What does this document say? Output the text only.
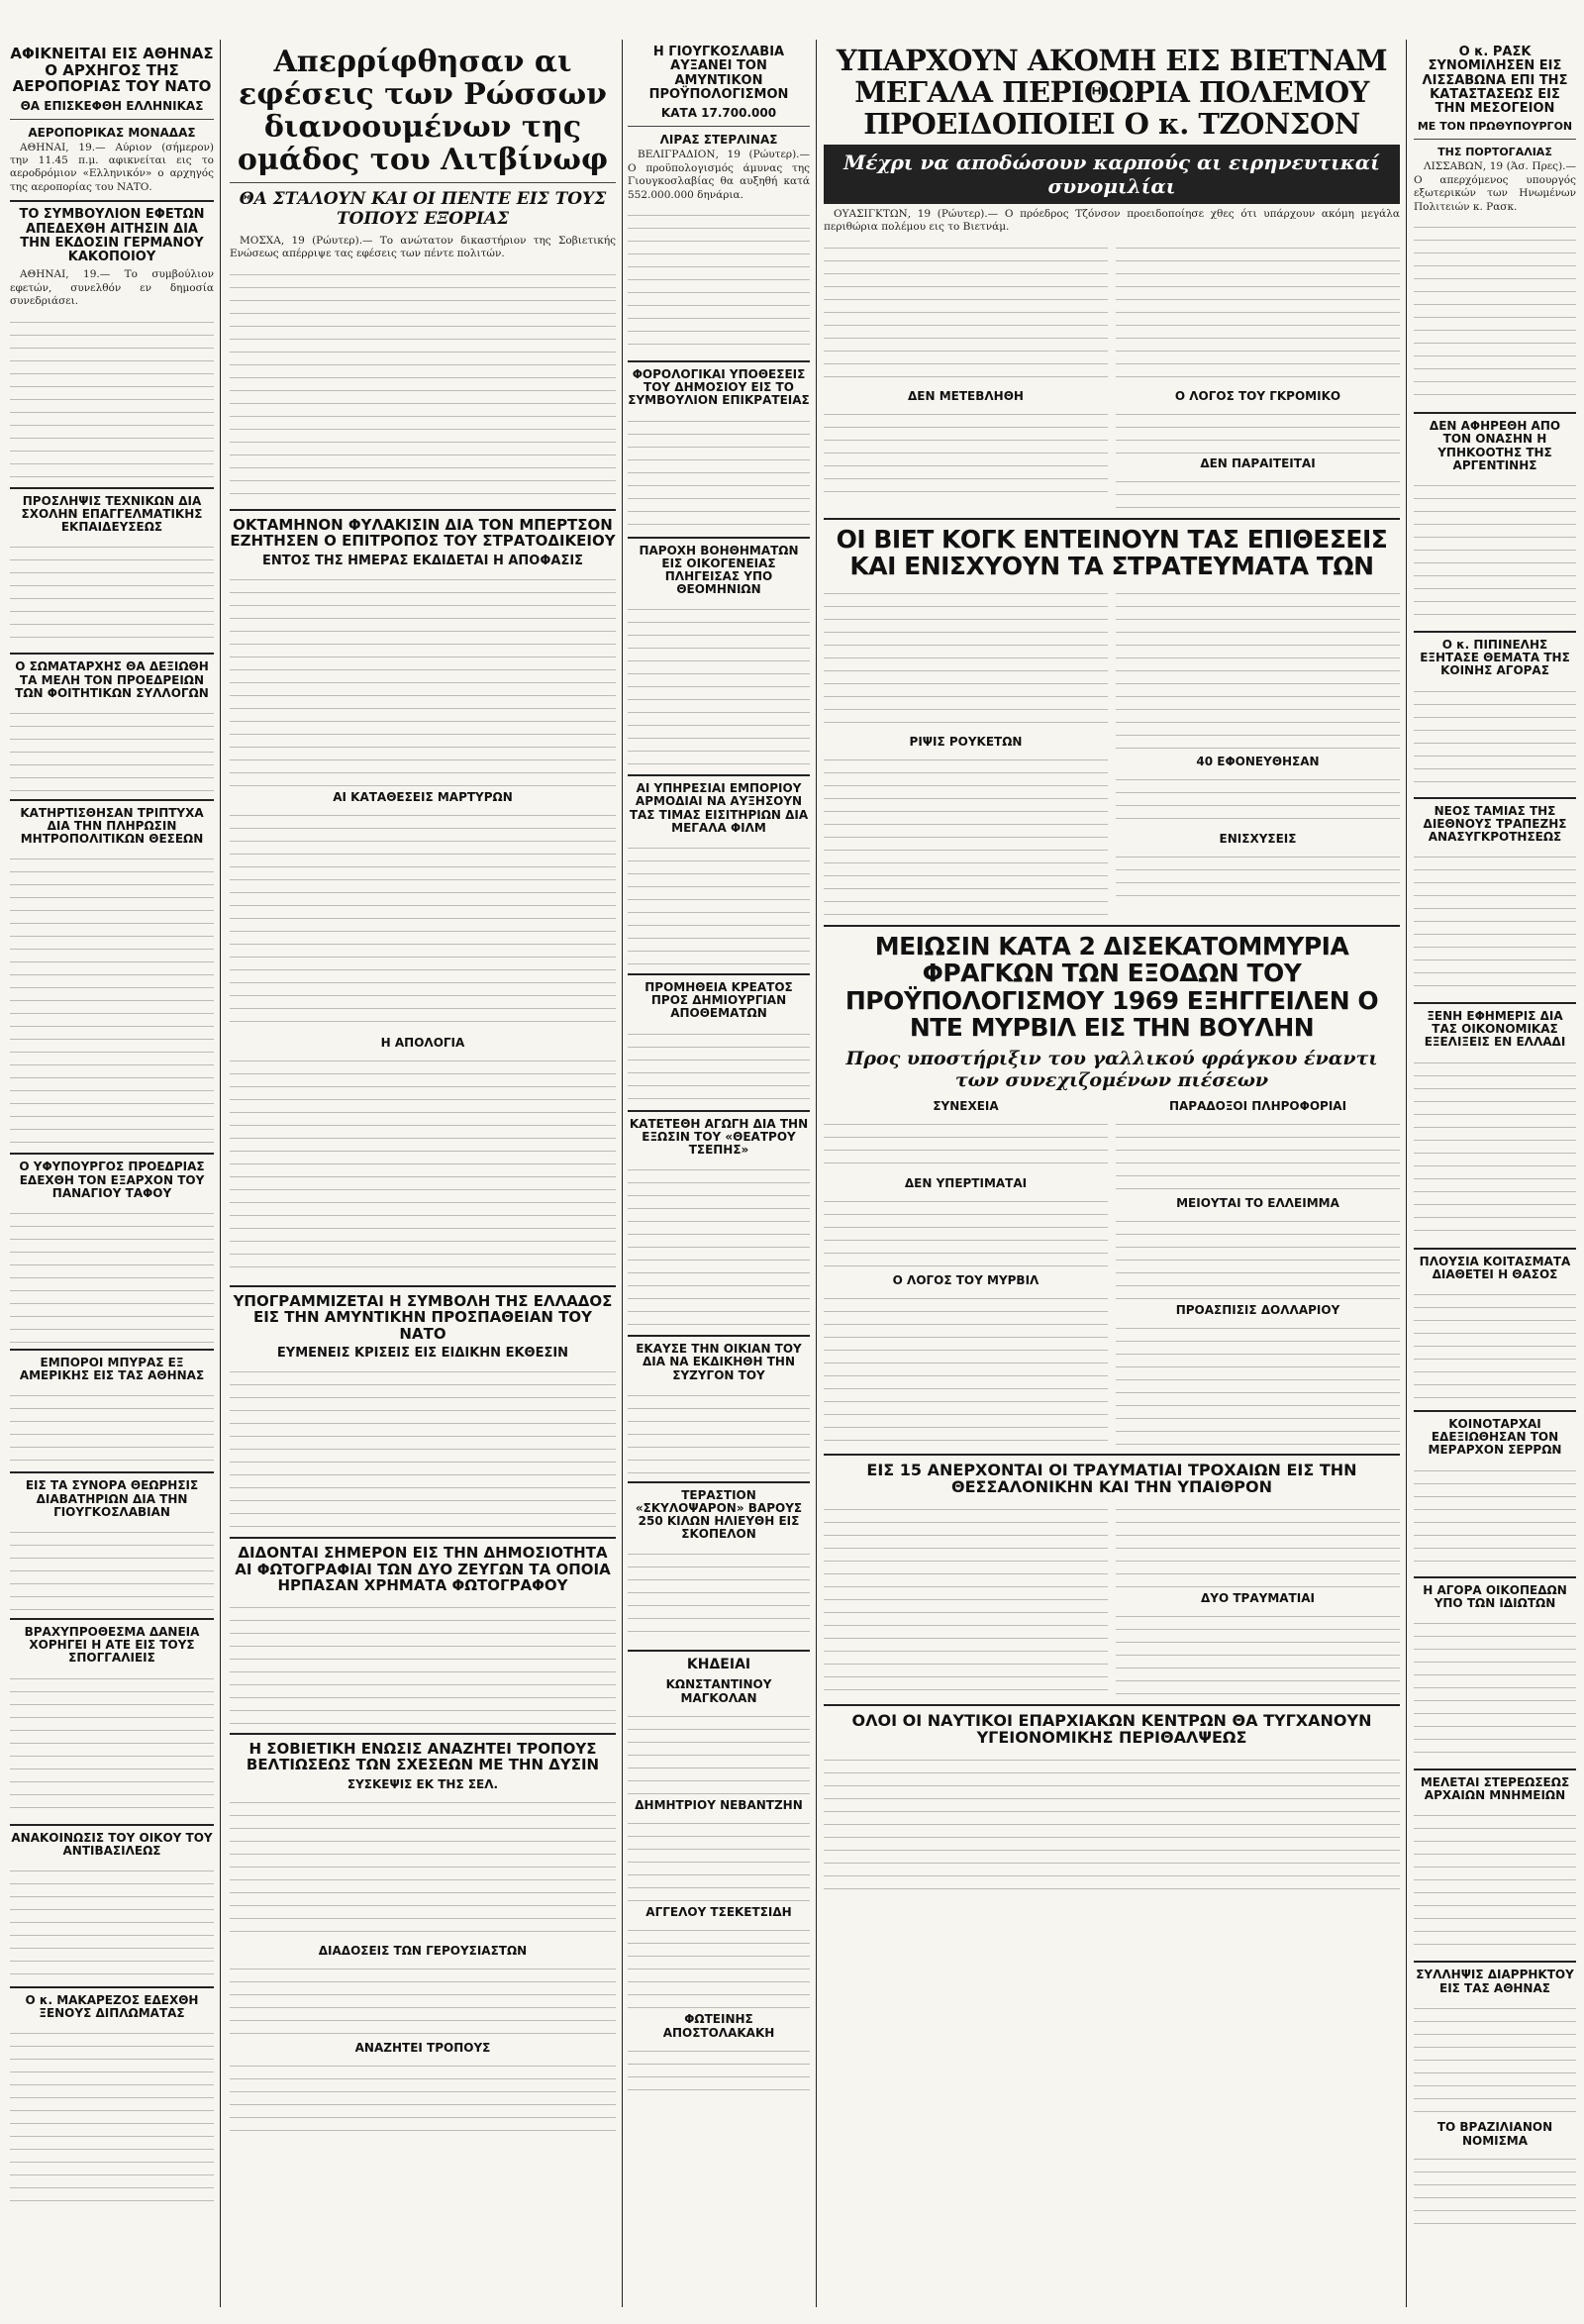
ΑΦΙΚΝΕΙΤΑΙ ΕΙΣ ΑΘΗΝΑΣ Ο ΑΡΧΗΓΟΣ ΤΗΣ ΑΕΡΟΠΟΡΙΑΣ ΤΟΥ ΝΑΤΟ
ΘΑ ΕΠΙΣΚΕΦΘΗ ΕΛΛΗΝΙΚΑΣ
ΑΕΡΟΠΟΡΙΚΑΣ ΜΟΝΑΔΑΣ

ΑΘΗΝΑΙ, 19.— Αύριον (σήμερον) την 11.45 π.μ. αφικνείται εις το αεροδρόμιον «Ελληνικόν» ο αρχηγός της αεροπορίας του ΝΑΤΟ.

ΤΟ ΣΥΜΒΟΥΛΙΟΝ ΕΦΕΤΩΝ ΑΠΕΔΕΧΘΗ ΑΙΤΗΣΙΝ ΔΙΑ ΤΗΝ ΕΚΔΟΣΙΝ ΓΕΡΜΑΝΟΥ ΚΑΚΟΠΟΙΟΥ

ΑΘΗΝΑΙ, 19.— Το συμβούλιον εφετών, συνελθόν εν δημοσία συνεδριάσει.

ΠΡΟΣΛΗΨΙΣ ΤΕΧΝΙΚΩΝ ΔΙΑ ΣΧΟΛΗΝ ΕΠΑΓΓΕΛΜΑΤΙΚΗΣ ΕΚΠΑΙΔΕΥΣΕΩΣ
Ο ΣΩΜΑΤΑΡΧΗΣ ΘΑ ΔΕΞΙΩΘΗ ΤΑ ΜΕΛΗ ΤΟΝ ΠΡΟΕΔΡΕΙΩΝ ΤΩΝ ΦΟΙΤΗΤΙΚΩΝ ΣΥΛΛΟΓΩΝ
ΚΑΤΗΡΤΙΣΘΗΣΑΝ ΤΡΙΠΤΥΧΑ ΔΙΑ ΤΗΝ ΠΛΗΡΩΣΙΝ ΜΗΤΡΟΠΟΛΙΤΙΚΩΝ ΘΕΣΕΩΝ
Ο ΥΦΥΠΟΥΡΓΟΣ ΠΡΟΕΔΡΙΑΣ ΕΔΕΧΘΗ ΤΟΝ ΕΞΑΡΧΟΝ ΤΟΥ ΠΑΝΑΓΙΟΥ ΤΑΦΟΥ
ΕΜΠΟΡΟΙ ΜΠΥΡΑΣ ΕΞ ΑΜΕΡΙΚΗΣ ΕΙΣ ΤΑΣ ΑΘΗΝΑΣ
ΕΙΣ ΤΑ ΣΥΝΟΡΑ ΘΕΩΡΗΣΙΣ ΔΙΑΒΑΤΗΡΙΩΝ ΔΙΑ ΤΗΝ ΓΙΟΥΓΚΟΣΛΑΒΙΑΝ
ΒΡΑΧΥΠΡΟΘΕΣΜΑ ΔΑΝΕΙΑ ΧΟΡΗΓΕΙ Η ΑΤΕ ΕΙΣ ΤΟΥΣ ΣΠΟΓΓΑΛΙΕΙΣ
ΑΝΑΚΟΙΝΩΣΙΣ ΤΟΥ ΟΙΚΟΥ ΤΟΥ ΑΝΤΙΒΑΣΙΛΕΩΣ
Ο κ. ΜΑΚΑΡΕΖΟΣ ΕΔΕΧΘΗ ΞΕΝΟΥΣ ΔΙΠΛΩΜΑΤΑΣ
Απερρίφθησαν αι εφέσεις των Ρώσσων διανοουμένων της ομάδος του Λιτβίνωφ
ΘΑ ΣΤΑΛΟΥΝ ΚΑΙ ΟΙ ΠΕΝΤΕ ΕΙΣ ΤΟΥΣ ΤΟΠΟΥΣ ΕΞΟΡΙΑΣ

ΜΟΣΧΑ, 19 (Ρώυτερ).— Το ανώτατον δικαστήριον της Σοβιετικής Ενώσεως απέρριψε τας εφέσεις των πέντε πολιτών.

ΟΚΤΑΜΗΝΟΝ ΦΥΛΑΚΙΣΙΝ ΔΙΑ ΤΟΝ ΜΠΕΡΤΣΟΝ ΕΖΗΤΗΣΕΝ Ο ΕΠΙΤΡΟΠΟΣ ΤΟΥ ΣΤΡΑΤΟΔΙΚΕΙΟΥ
ΕΝΤΟΣ ΤΗΣ ΗΜΕΡΑΣ ΕΚΔΙΔΕΤΑΙ Η ΑΠΟΦΑΣΙΣ
ΑΙ ΚΑΤΑΘΕΣΕΙΣ ΜΑΡΤΥΡΩΝ
Η ΑΠΟΛΟΓΙΑ
ΥΠΟΓΡΑΜΜΙΖΕΤΑΙ Η ΣΥΜΒΟΛΗ ΤΗΣ ΕΛΛΑΔΟΣ ΕΙΣ ΤΗΝ ΑΜΥΝΤΙΚΗΝ ΠΡΟΣΠΑΘΕΙΑΝ ΤΟΥ ΝΑΤΟ
ΕΥΜΕΝΕΙΣ ΚΡΙΣΕΙΣ ΕΙΣ ΕΙΔΙΚΗΝ ΕΚΘΕΣΙΝ
ΔΙΔΟΝΤΑΙ ΣΗΜΕΡΟΝ ΕΙΣ ΤΗΝ ΔΗΜΟΣΙΟΤΗΤΑ ΑΙ ΦΩΤΟΓΡΑΦΙΑΙ ΤΩΝ ΔΥΟ ΖΕΥΓΩΝ ΤΑ ΟΠΟΙΑ ΗΡΠΑΣΑΝ ΧΡΗΜΑΤΑ ΦΩΤΟΓΡΑΦΟΥ
Η ΣΟΒΙΕΤΙΚΗ ΕΝΩΣΙΣ ΑΝΑΖΗΤΕΙ ΤΡΟΠΟΥΣ ΒΕΛΤΙΩΣΕΩΣ ΤΩΝ ΣΧΕΣΕΩΝ ΜΕ ΤΗΝ ΔΥΣΙΝ
ΣΥΣΚΕΨΙΣ ΕΚ ΤΗΣ ΣΕΛ.
ΔΙΑΔΟΣΕΙΣ ΤΩΝ ΓΕΡΟΥΣΙΑΣΤΩΝ
ΑΝΑΖΗΤΕΙ ΤΡΟΠΟΥΣ
Η ΓΙΟΥΓΚΟΣΛΑΒΙΑ ΑΥΞΑΝΕΙ ΤΟΝ ΑΜΥΝΤΙΚΟΝ ΠΡΟΫΠΟΛΟΓΙΣΜΟΝ
ΚΑΤΑ 17.700.000
ΛΙΡΑΣ ΣΤΕΡΛΙΝΑΣ

ΒΕΛΙΓΡΑΔΙΟΝ, 19 (Ρώυτερ).— Ο προϋπολογισμός άμυνας της Γιουγκοσλαβίας θα αυξηθή κατά 552.000.000 δηνάρια.

ΦΟΡΟΛΟΓΙΚΑΙ ΥΠΟΘΕΣΕΙΣ ΤΟΥ ΔΗΜΟΣΙΟΥ ΕΙΣ ΤΟ ΣΥΜΒΟΥΛΙΟΝ ΕΠΙΚΡΑΤΕΙΑΣ
ΠΑΡΟΧΗ ΒΟΗΘΗΜΑΤΩΝ ΕΙΣ ΟΙΚΟΓΕΝΕΙΑΣ ΠΛΗΓΕΙΣΑΣ ΥΠΟ ΘΕΟΜΗΝΙΩΝ
ΑΙ ΥΠΗΡΕΣΙΑΙ ΕΜΠΟΡΙΟΥ ΑΡΜΟΔΙΑΙ ΝΑ ΑΥΞΗΣΟΥΝ ΤΑΣ ΤΙΜΑΣ ΕΙΣΙΤΗΡΙΩΝ ΔΙΑ ΜΕΓΑΛΑ ΦΙΛΜ
ΠΡΟΜΗΘΕΙΑ ΚΡΕΑΤΟΣ ΠΡΟΣ ΔΗΜΙΟΥΡΓΙΑΝ ΑΠΟΘΕΜΑΤΩΝ
ΚΑΤΕΤΕΘΗ ΑΓΩΓΗ ΔΙΑ ΤΗΝ ΕΞΩΣΙΝ ΤΟΥ «ΘΕΑΤΡΟΥ ΤΣΕΠΗΣ»
ΕΚΑΥΣΕ ΤΗΝ ΟΙΚΙΑΝ ΤΟΥ ΔΙΑ ΝΑ ΕΚΔΙΚΗΘΗ ΤΗΝ ΣΥΖΥΓΟΝ ΤΟΥ
ΤΕΡΑΣΤΙΟΝ «ΣΚΥΛΟΨΑΡΟΝ» ΒΑΡΟΥΣ 250 ΚΙΛΩΝ ΗΛΙΕΥΘΗ ΕΙΣ ΣΚΟΠΕΛΟΝ
ΚΗΔΕΙΑΙ
ΚΩΝΣΤΑΝΤΙΝΟΥ ΜΑΓΚΟΛΑΝ
ΔΗΜΗΤΡΙΟΥ ΝΕΒΑΝΤΖΗΝ
ΑΓΓΕΛΟΥ ΤΣΕΚΕΤΣΙΔΗ
ΦΩΤΕΙΝΗΣ ΑΠΟΣΤΟΛΑΚΑΚΗ
ΥΠΑΡΧΟΥΝ ΑΚΟΜΗ ΕΙΣ ΒΙΕΤΝΑΜ ΜΕΓΑΛΑ ΠΕΡΙΘΩΡΙΑ ΠΟΛΕΜΟΥ ΠΡΟΕΙΔΟΠΟΙΕΙ Ο κ. ΤΖΟΝΣΟΝ
Μέχρι να αποδώσουν καρπούς αι ειρηνευτικαί συνομιλίαι

ΟΥΑΣΙΓΚΤΩΝ, 19 (Ρώυτερ).— Ο πρόεδρος Τζόνσον προειδοποίησε χθες ότι υπάρχουν ακόμη μεγάλα περιθώρια πολέμου εις το Βιετνάμ.

ΔΕΝ ΜΕΤΕΒΛΗΘΗ	Ο ΛΟΓΟΣ ΤΟΥ ΓΚΡΟΜΙΚΟ
ΔΕΝ ΠΑΡΑΙΤΕΙΤΑΙ
ΟΙ ΒΙΕΤ ΚΟΓΚ ΕΝΤΕΙΝΟΥΝ ΤΑΣ ΕΠΙΘΕΣΕΙΣ ΚΑΙ ΕΝΙΣΧΥΟΥΝ ΤΑ ΣΤΡΑΤΕΥΜΑΤΑ ΤΩΝ
ΡΙΨΙΣ ΡΟΥΚΕΤΩΝ
40 ΕΦΟΝΕΥΘΗΣΑΝ
ΕΝΙΣΧΥΣΕΙΣ
ΜΕΙΩΣΙΝ ΚΑΤΑ 2 ΔΙΣΕΚΑΤΟΜΜΥΡΙΑ ΦΡΑΓΚΩΝ ΤΩΝ ΕΞΟΔΩΝ ΤΟΥ ΠΡΟΫΠΟΛΟΓΙΣΜΟΥ 1969 ΕΞΗΓΓΕΙΛΕΝ Ο ΝΤΕ ΜΥΡΒΙΛ ΕΙΣ ΤΗΝ ΒΟΥΛΗΝ
Προς υποστήριξιν του γαλλικού φράγκου έναντι των συνεχιζομένων πιέσεων
ΣΥΝΕΧΕΙΑ
ΔΕΝ ΥΠΕΡΤΙΜΑΤΑΙ
Ο ΛΟΓΟΣ ΤΟΥ ΜΥΡΒΙΛ
ΠΑΡΑΔΟΞΟΙ ΠΛΗΡΟΦΟΡΙΑΙ
ΜΕΙΟΥΤΑΙ ΤΟ ΕΛΛΕΙΜΜΑ
ΠΡΟΑΣΠΙΣΙΣ ΔΟΛΛΑΡΙΟΥ
ΕΙΣ 15 ΑΝΕΡΧΟΝΤΑΙ ΟΙ ΤΡΑΥΜΑΤΙΑΙ ΤΡΟΧΑΙΩΝ ΕΙΣ ΤΗΝ ΘΕΣΣΑΛΟΝΙΚΗΝ ΚΑΙ ΤΗΝ ΥΠΑΙΘΡΟΝ
ΔΥΟ ΤΡΑΥΜΑΤΙΑΙ
ΟΛΟΙ ΟΙ ΝΑΥΤΙΚΟΙ ΕΠΑΡΧΙΑΚΩΝ ΚΕΝΤΡΩΝ ΘΑ ΤΥΓΧΑΝΟΥΝ ΥΓΕΙΟΝΟΜΙΚΗΣ ΠΕΡΙΘΑΛΨΕΩΣ
Ο κ. ΡΑΣΚ ΣΥΝΟΜΙΛΗΣΕΝ ΕΙΣ ΛΙΣΣΑΒΩΝΑ ΕΠΙ ΤΗΣ ΚΑΤΑΣΤΑΣΕΩΣ ΕΙΣ ΤΗΝ ΜΕΣΟΓΕΙΟΝ
ΜΕ ΤΟΝ ΠΡΩΘΥΠΟΥΡΓΟΝ
ΤΗΣ ΠΟΡΤΟΓΑΛΙΑΣ

ΛΙΣΣΑΒΩΝ, 19 (Άσ. Πρες).— Ο απερχόμενος υπουργός εξωτερικών των Ηνωμένων Πολιτειών κ. Ρασκ.

ΔΕΝ ΑΦΗΡΕΘΗ ΑΠΟ ΤΟΝ ΟΝΑΣΗΝ Η ΥΠΗΚΟΟΤΗΣ ΤΗΣ ΑΡΓΕΝΤΙΝΗΣ
Ο κ. ΠΙΠΙΝΕΛΗΣ ΕΞΗΤΑΣΕ ΘΕΜΑΤΑ ΤΗΣ ΚΟΙΝΗΣ ΑΓΟΡΑΣ
ΝΕΟΣ ΤΑΜΙΑΣ ΤΗΣ ΔΙΕΘΝΟΥΣ ΤΡΑΠΕΖΗΣ ΑΝΑΣΥΓΚΡΟΤΗΣΕΩΣ
ΞΕΝΗ ΕΦΗΜΕΡΙΣ ΔΙΑ ΤΑΣ ΟΙΚΟΝΟΜΙΚΑΣ ΕΞΕΛΙΞΕΙΣ ΕΝ ΕΛΛΑΔΙ
ΠΛΟΥΣΙΑ ΚΟΙΤΑΣΜΑΤΑ ΔΙΑΘΕΤΕΙ Η ΘΑΣΟΣ
ΚΟΙΝΟΤΑΡΧΑΙ ΕΔΕΞΙΩΘΗΣΑΝ ΤΟΝ ΜΕΡΑΡΧΟΝ ΣΕΡΡΩΝ
Η ΑΓΟΡΑ ΟΙΚΟΠΕΔΩΝ ΥΠΟ ΤΩΝ ΙΔΙΩΤΩΝ
ΜΕΛΕΤΑΙ ΣΤΕΡΕΩΣΕΩΣ ΑΡΧΑΙΩΝ ΜΝΗΜΕΙΩΝ
ΣΥΛΛΗΨΙΣ ΔΙΑΡΡΗΚΤΟΥ ΕΙΣ ΤΑΣ ΑΘΗΝΑΣ
ΤΟ ΒΡΑΖΙΛΙΑΝΟΝ ΝΟΜΙΣΜΑ
